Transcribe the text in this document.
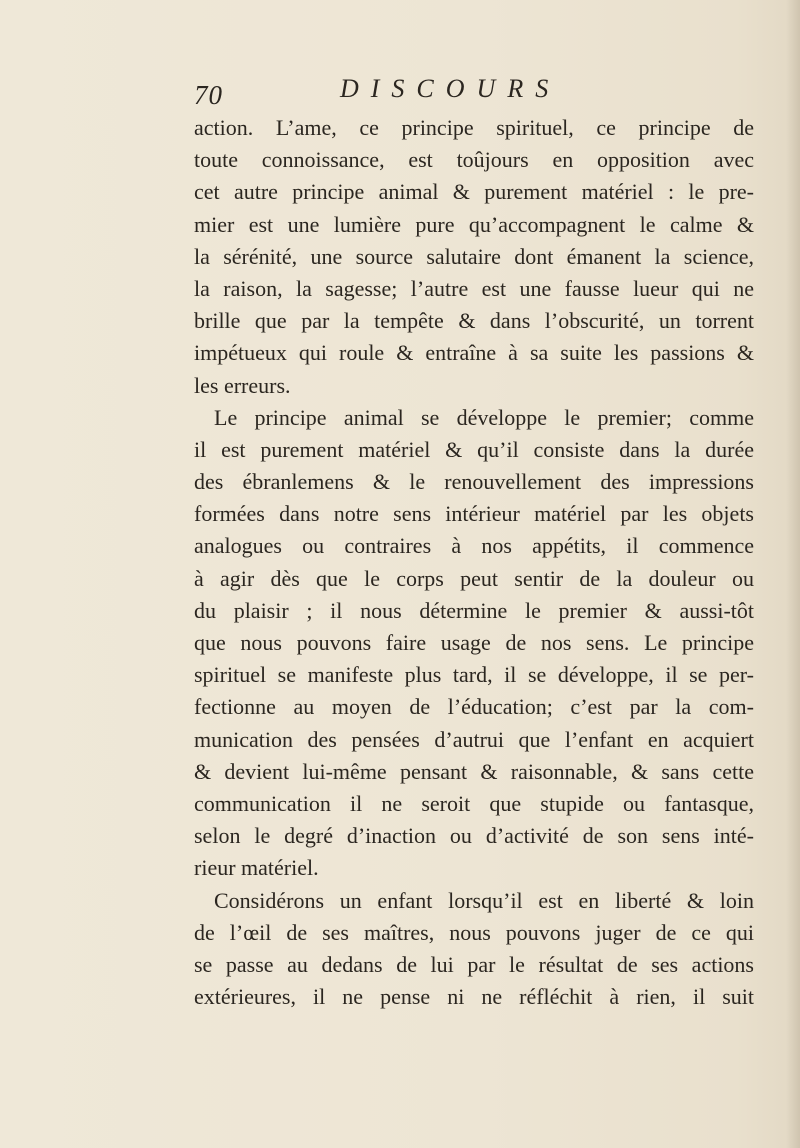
70	DISCOURS
action. L’ame, ce principe spirituel, ce principe de
toute connoissance, est toûjours en opposition avec
cet autre principe animal & purement matériel : le pre-
mier est une lumière pure qu’accompagnent le calme &
la sérénité, une source salutaire dont émanent la science,
la raison, la sagesse; l’autre est une fausse lueur qui ne
brille que par la tempête & dans l’obscurité, un torrent
impétueux qui roule & entraîne à sa suite les passions &
les erreurs.
Le principe animal se développe le premier; comme
il est purement matériel & qu’il consiste dans la durée
des ébranlemens & le renouvellement des impressions
formées dans notre sens intérieur matériel par les objets
analogues ou contraires à nos appétits, il commence
à agir dès que le corps peut sentir de la douleur ou
du plaisir ; il nous détermine le premier & aussi-tôt
que nous pouvons faire usage de nos sens. Le principe
spirituel se manifeste plus tard, il se développe, il se per-
fectionne au moyen de l’éducation; c’est par la com-
munication des pensées d’autrui que l’enfant en acquiert
& devient lui-même pensant & raisonnable, & sans cette
communication il ne seroit que stupide ou fantasque,
selon le degré d’inaction ou d’activité de son sens inté-
rieur matériel.
Considérons un enfant lorsqu’il est en liberté & loin
de l’œil de ses maîtres, nous pouvons juger de ce qui
se passe au dedans de lui par le résultat de ses actions
extérieures, il ne pense ni ne réfléchit à rien, il suit
